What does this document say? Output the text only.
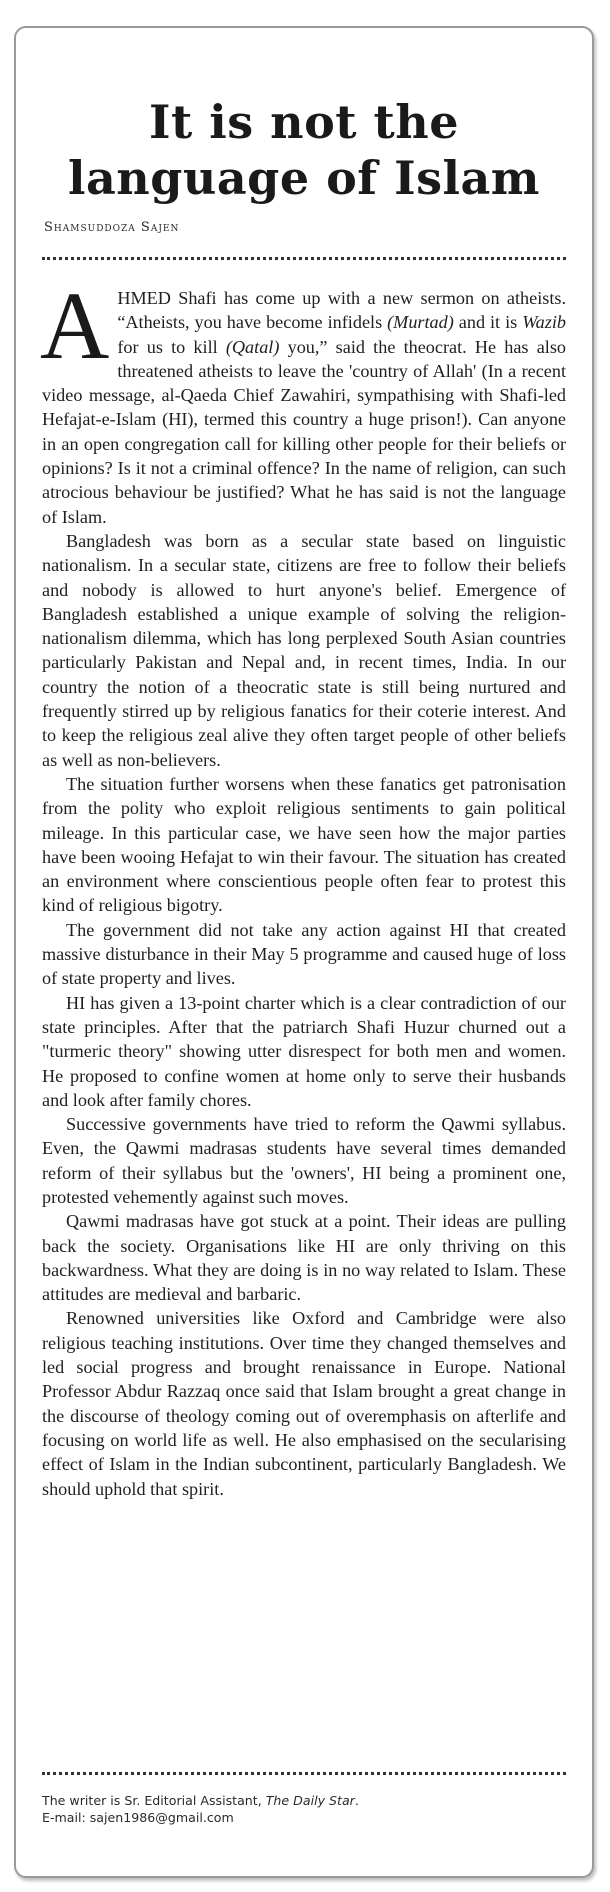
It is not the language of Islam
Shamsuddoza Sajen

AHMED Shafi has come up with a new sermon on atheists. “Atheists, you have become infidels (Murtad) and it is Wazib for us to kill (Qatal) you,” said the theocrat. He has also threatened atheists to leave the 'country of Allah' (In a recent video message, al-Qaeda Chief Zawahiri, sympathising with Shafi-led Hefajat-e-Islam (HI), termed this country a huge prison!). Can anyone in an open congregation call for killing other people for their beliefs or opinions? Is it not a criminal offence? In the name of religion, can such atrocious behaviour be justified? What he has said is not the language of Islam.

Bangladesh was born as a secular state based on linguistic nationalism. In a secular state, citizens are free to follow their beliefs and nobody is allowed to hurt anyone's belief. Emergence of Bangladesh established a unique example of solving the religion-nationalism dilemma, which has long perplexed South Asian countries particularly Pakistan and Nepal and, in recent times, India. In our country the notion of a theocratic state is still being nurtured and frequently stirred up by religious fanatics for their coterie interest. And to keep the religious zeal alive they often target people of other beliefs as well as non-believers.

The situation further worsens when these fanatics get patronisation from the polity who exploit religious sentiments to gain political mileage. In this particular case, we have seen how the major parties have been wooing Hefajat to win their favour. The situation has created an environment where conscientious people often fear to protest this kind of religious bigotry.

The government did not take any action against HI that created massive disturbance in their May 5 programme and caused huge of loss of state property and lives.

HI has given a 13-point charter which is a clear contradiction of our state principles. After that the patriarch Shafi Huzur churned out a "turmeric theory" showing utter disrespect for both men and women. He proposed to confine women at home only to serve their husbands and look after family chores.

Successive governments have tried to reform the Qawmi syllabus. Even, the Qawmi madrasas students have several times demanded reform of their syllabus but the 'owners', HI being a prominent one, protested vehemently against such moves.

Qawmi madrasas have got stuck at a point. Their ideas are pulling back the society. Organisations like HI are only thriving on this backwardness. What they are doing is in no way related to Islam. These attitudes are medieval and barbaric.

Renowned universities like Oxford and Cambridge were also religious teaching institutions. Over time they changed themselves and led social progress and brought renaissance in Europe. National Professor Abdur Razzaq once said that Islam brought a great change in the discourse of theology coming out of overemphasis on afterlife and focusing on world life as well. He also emphasised on the secularising effect of Islam in the Indian subcontinent, particularly Bangladesh. We should uphold that spirit.

The writer is Sr. Editorial Assistant, The Daily Star.
E-mail: sajen1986@gmail.com
